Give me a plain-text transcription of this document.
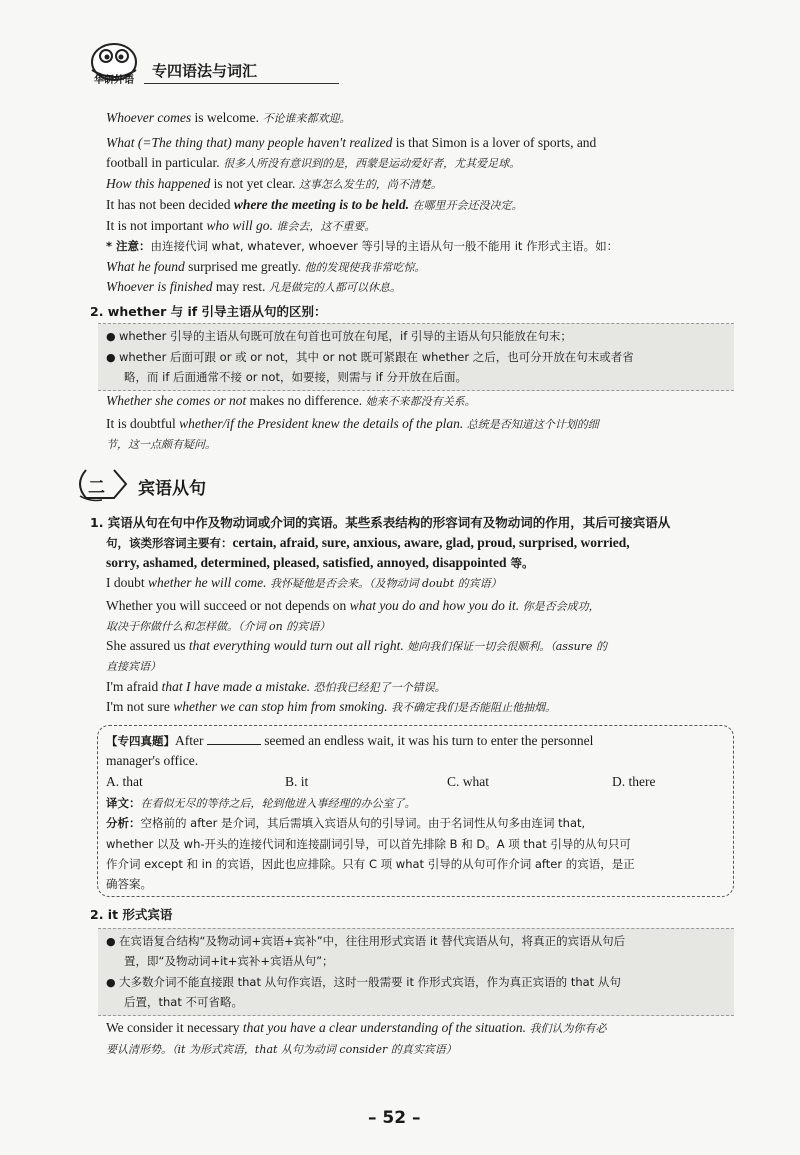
华研外语
专四语法与词汇
Whoever comes is welcome. 不论谁来都欢迎。
What (=The thing that) many people haven't realized is that Simon is a lover of sports, and
football in particular. 很多人所没有意识到的是，西蒙是运动爱好者，尤其爱足球。
How this happened is not yet clear. 这事怎么发生的，尚不清楚。
It has not been decided where the meeting is to be held. 在哪里开会还没决定。
It is not important who will go. 谁会去，这不重要。
* 注意：由连接代词 what, whatever, whoever 等引导的主语从句一般不能用 it 作形式主语。如：
What he found surprised me greatly. 他的发现使我非常吃惊。
Whoever is finished may rest. 凡是做完的人都可以休息。
2. whether 与 if 引导主语从句的区别：
● whether 引导的主语从句既可放在句首也可放在句尾，if 引导的主语从句只能放在句末；
● whether 后面可跟 or 或 or not，其中 or not 既可紧跟在 whether 之后，也可分开放在句末或者省
略，而 if 后面通常不接 or not，如要接，则需与 if 分开放在后面。
Whether she comes or not makes no difference. 她来不来都没有关系。
It is doubtful whether/if the President knew the details of the plan. 总统是否知道这个计划的细
节，这一点颇有疑问。
二 宾语从句
1. 宾语从句在句中作及物动词或介词的宾语。某些系表结构的形容词有及物动词的作用，其后可接宾语从
句，该类形容词主要有：certain, afraid, sure, anxious, aware, glad, proud, surprised, worried,
sorry, ashamed, determined, pleased, satisfied, annoyed, disappointed 等。
I doubt whether he will come. 我怀疑他是否会来。（及物动词 doubt 的宾语）
Whether you will succeed or not depends on what you do and how you do it. 你是否会成功，
取决于你做什么和怎样做。（介词 on 的宾语）
She assured us that everything would turn out all right. 她向我们保证一切会很顺利。（assure 的
直接宾语）
I'm afraid that I have made a mistake. 恐怕我已经犯了一个错误。
I'm not sure whether we can stop him from smoking. 我不确定我们是否能阻止他抽烟。
【专四真题】After	seemed an endless wait, it was his turn to enter the personnel
manager's office.
A. that	B. it	C. what	D. there
译文：在看似无尽的等待之后，轮到他进入事经理的办公室了。
分析：空格前的 after 是介词，其后需填入宾语从句的引导词。由于名词性从句多由连词 that,
whether 以及 wh-开头的连接代词和连接副词引导，可以首先排除 B 和 D。A 项 that 引导的从句只可
作介词 except 和 in 的宾语，因此也应排除。只有 C 项 what 引导的从句可作介词 after 的宾语，是正
确答案。
2. it 形式宾语
● 在宾语复合结构“及物动词+宾语+宾补”中，往往用形式宾语 it 替代宾语从句，将真正的宾语从句后
置，即“及物动词+it+宾补+宾语从句”；
● 大多数介词不能直接跟 that 从句作宾语，这时一般需要 it 作形式宾语，作为真正宾语的 that 从句
后置，that 不可省略。
We consider it necessary that you have a clear understanding of the situation. 我们认为你有必
要认清形势。（it 为形式宾语，that 从句为动词 consider 的真实宾语）
– 52 –
